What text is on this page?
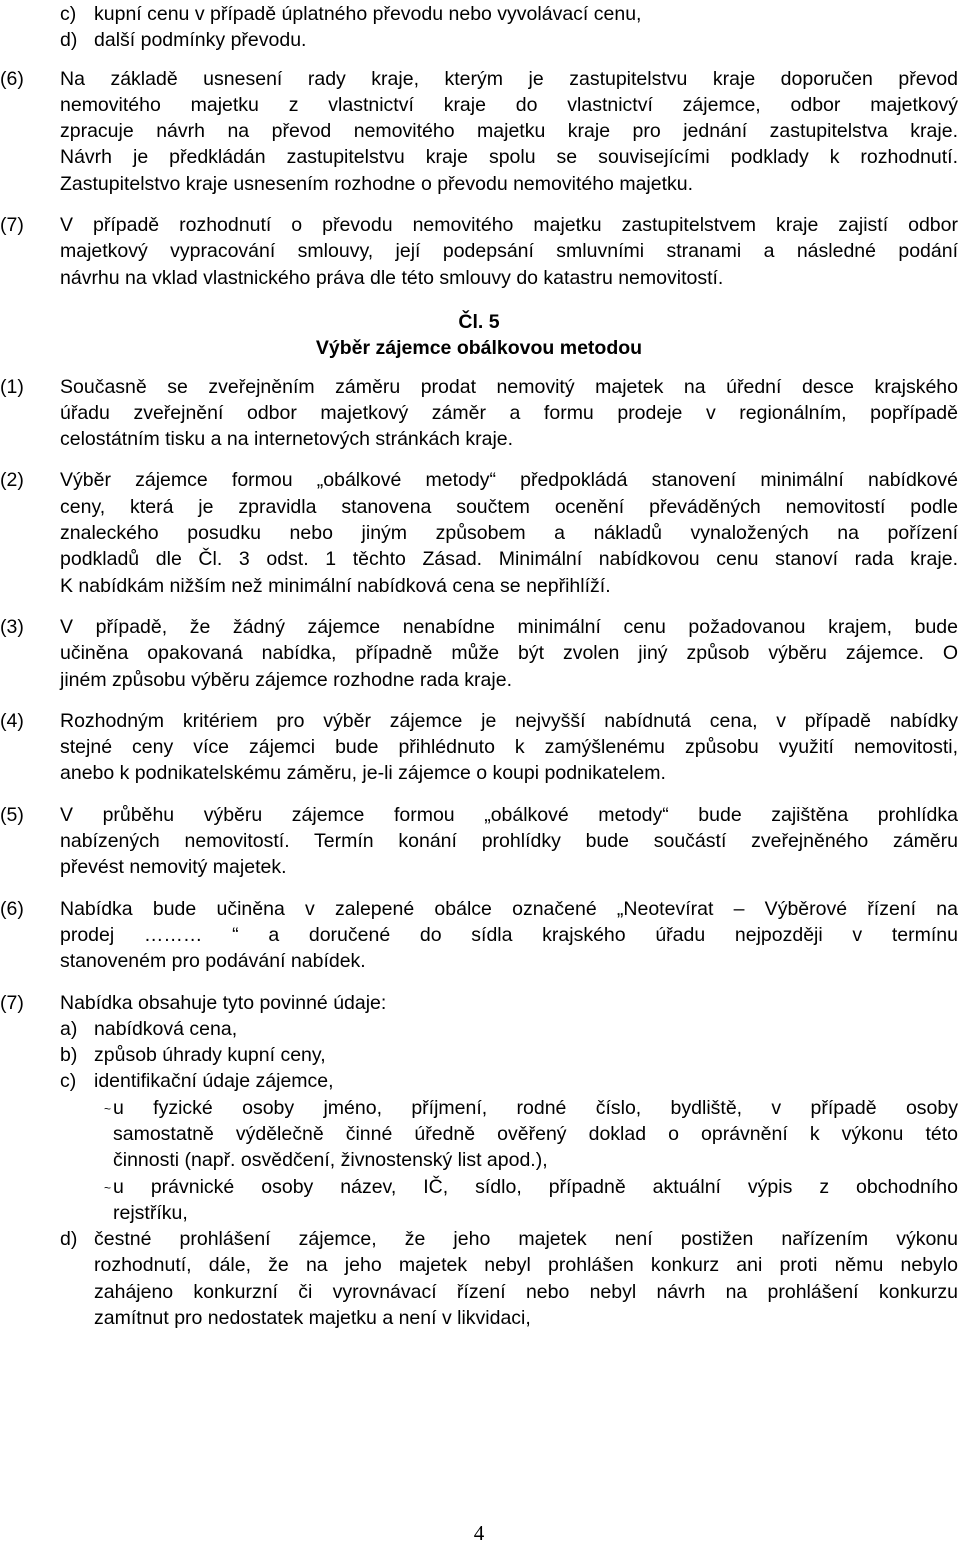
c) kupní cenu v případě úplatného převodu nebo vyvolávací cenu,
d) další podmínky převodu.
(6)	Na základě usnesení rady kraje, kterým je zastupitelstvu kraje doporučen převod
nemovitého majetku z vlastnictví kraje do vlastnictví zájemce, odbor majetkový
zpracuje návrh na převod nemovitého majetku kraje pro jednání zastupitelstva kraje.
Návrh je předkládán zastupitelstvu kraje spolu se souvisejícími podklady k rozhodnutí.
Zastupitelstvo kraje usnesením rozhodne o převodu nemovitého majetku.
(7)	V případě rozhodnutí o převodu nemovitého majetku zastupitelstvem kraje zajistí odbor
majetkový vypracování smlouvy, její podepsání smluvními stranami a následné podání
návrhu na vklad vlastnického práva dle této smlouvy do katastru nemovitostí.
Čl. 5
Výběr zájemce obálkovou metodou
(1)	Současně se zveřejněním záměru prodat nemovitý majetek na úřední desce krajského
úřadu zveřejnění odbor majetkový záměr a formu prodeje v regionálním, popřípadě
celostátním tisku a na internetových stránkách kraje.
(2)	Výběr zájemce formou „obálkové metody“ předpokládá stanovení minimální nabídkové
ceny, která je zpravidla stanovena součtem ocenění převáděných nemovitostí podle
znaleckého posudku nebo jiným způsobem a nákladů vynaložených na pořízení
podkladů dle Čl. 3 odst. 1 těchto Zásad. Minimální nabídkovou cenu stanoví rada kraje.
K nabídkám nižším než minimální nabídková cena se nepřihlíží.
(3)	V případě, že žádný zájemce nenabídne minimální cenu požadovanou krajem, bude
učiněna opakovaná nabídka, případně může být zvolen jiný způsob výběru zájemce. O
jiném způsobu výběru zájemce rozhodne rada kraje.
(4)	Rozhodným kritériem pro výběr zájemce je nejvyšší nabídnutá cena, v případě nabídky
stejné ceny více zájemci bude přihlédnuto k zamýšlenému způsobu využití nemovitosti,
anebo k podnikatelskému záměru, je-li zájemce o koupi podnikatelem.
(5)	V průběhu výběru zájemce formou „obálkové metody“ bude zajištěna prohlídka
nabízených nemovitostí. Termín konání prohlídky bude součástí zveřejněného záměru
převést nemovitý majetek.
(6)	Nabídka bude učiněna v zalepené obálce označené „Neotevírat – Výběrové řízení na
prodej ……… “ a doručené do sídla krajského úřadu nejpozději v termínu
stanoveném pro podávání nabídek.
(7)	Nabídka obsahuje tyto povinné údaje:
a) nabídková cena,
b) způsob úhrady kupní ceny,
c) identifikační údaje zájemce,
~ u fyzické osoby jméno, příjmení, rodné číslo, bydliště, v případě osoby
samostatně výdělečně činné úředně ověřený doklad o oprávnění k výkonu této
činnosti (např. osvědčení, živnostenský list apod.),
~ u právnické osoby název, IČ, sídlo, případně aktuální výpis z obchodního
rejstříku,
d) čestné prohlášení zájemce, že jeho majetek není postižen nařízením výkonu
rozhodnutí, dále, že na jeho majetek nebyl prohlášen konkurz ani proti němu nebylo
zahájeno konkurzní či vyrovnávací řízení nebo nebyl návrh na prohlášení konkurzu
zamítnut pro nedostatek majetku a není v likvidaci,
4
